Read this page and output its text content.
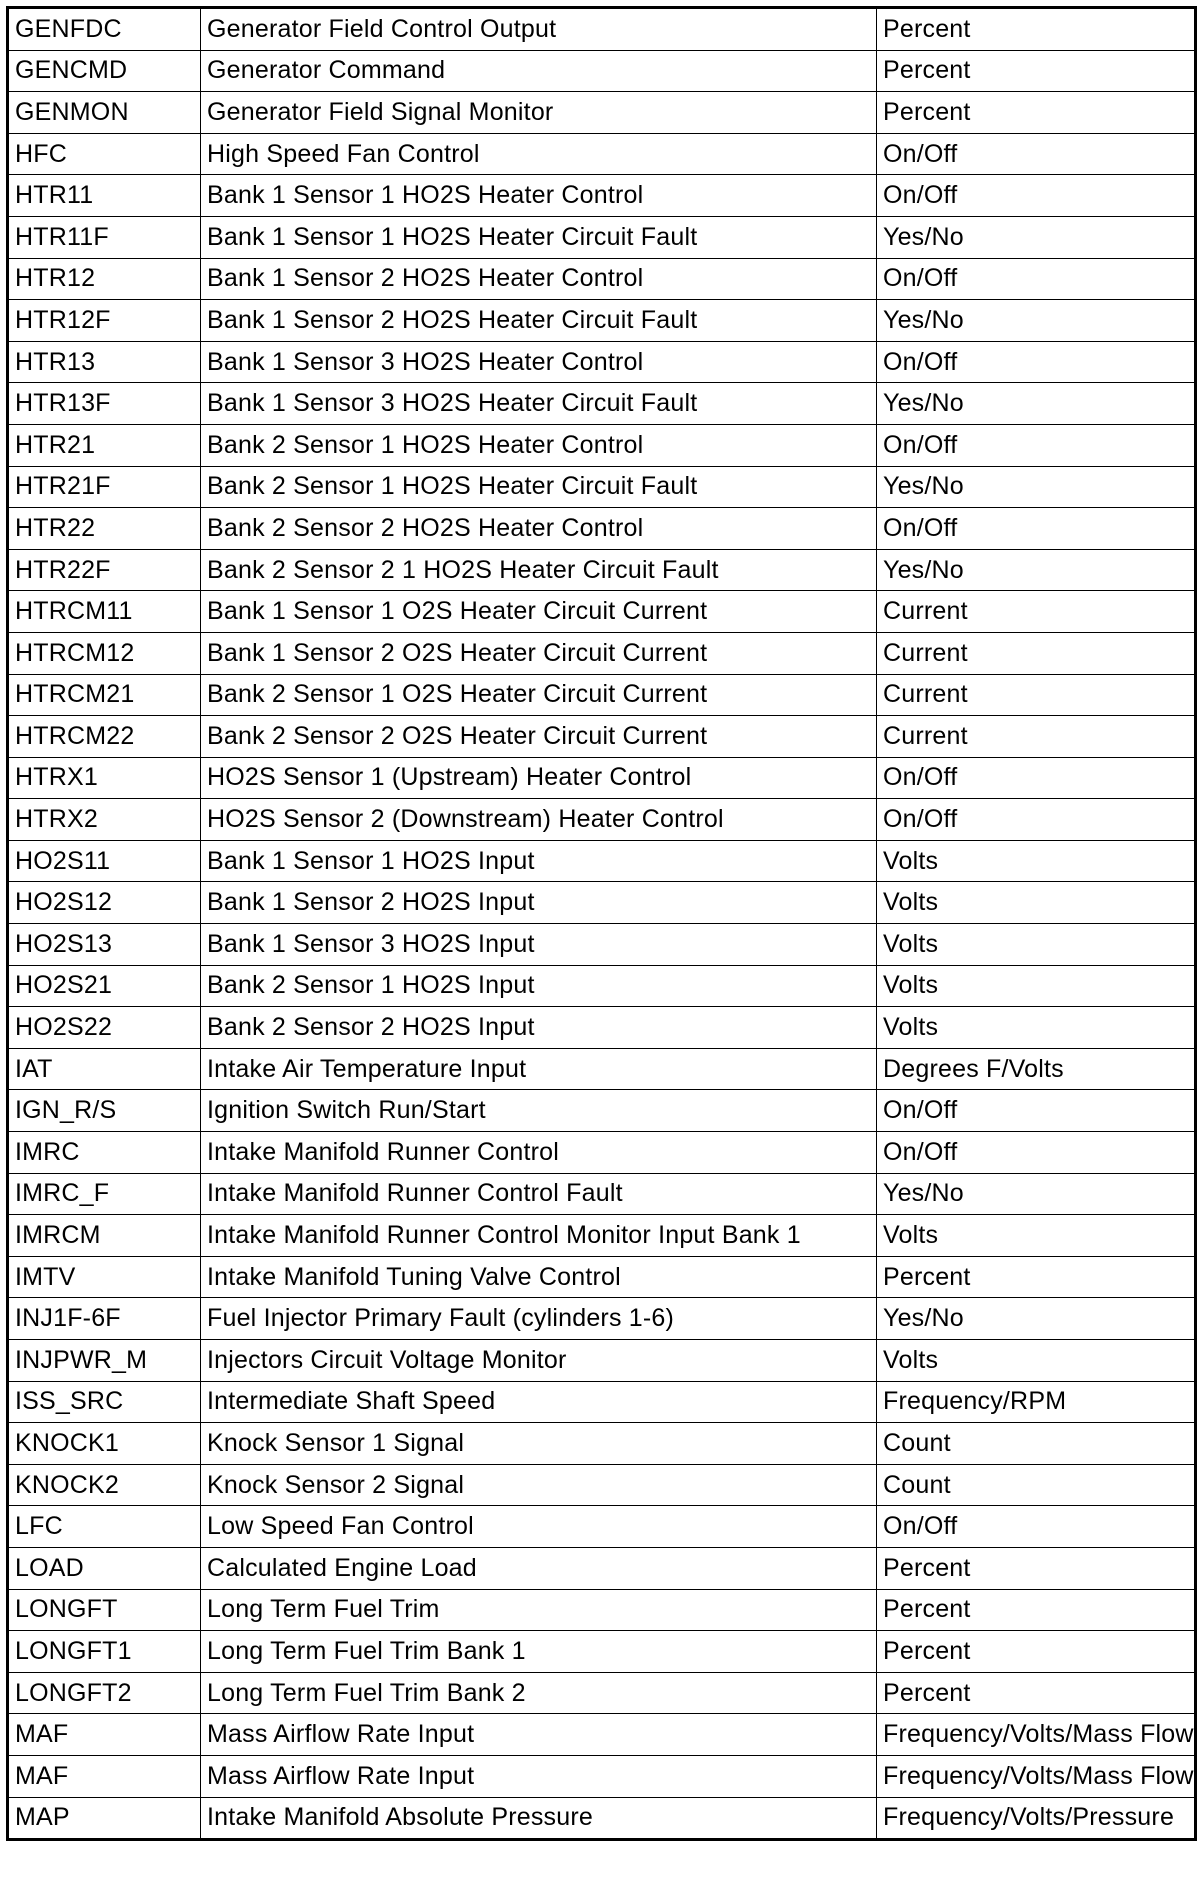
GENFDC	Generator Field Control Output	Percent
GENCMD	Generator Command	Percent
GENMON	Generator Field Signal Monitor	Percent
HFC	High Speed Fan Control	On/Off
HTR11	Bank 1 Sensor 1 HO2S Heater Control	On/Off
HTR11F	Bank 1 Sensor 1 HO2S Heater Circuit Fault	Yes/No
HTR12	Bank 1 Sensor 2 HO2S Heater Control	On/Off
HTR12F	Bank 1 Sensor 2 HO2S Heater Circuit Fault	Yes/No
HTR13	Bank 1 Sensor 3 HO2S Heater Control	On/Off
HTR13F	Bank 1 Sensor 3 HO2S Heater Circuit Fault	Yes/No
HTR21	Bank 2 Sensor 1 HO2S Heater Control	On/Off
HTR21F	Bank 2 Sensor 1 HO2S Heater Circuit Fault	Yes/No
HTR22	Bank 2 Sensor 2 HO2S Heater Control	On/Off
HTR22F	Bank 2 Sensor 2 1 HO2S Heater Circuit Fault	Yes/No
HTRCM11	Bank 1 Sensor 1 O2S Heater Circuit Current	Current
HTRCM12	Bank 1 Sensor 2 O2S Heater Circuit Current	Current
HTRCM21	Bank 2 Sensor 1 O2S Heater Circuit Current	Current
HTRCM22	Bank 2 Sensor 2 O2S Heater Circuit Current	Current
HTRX1	HO2S Sensor 1 (Upstream) Heater Control	On/Off
HTRX2	HO2S Sensor 2 (Downstream) Heater Control	On/Off
HO2S11	Bank 1 Sensor 1 HO2S Input	Volts
HO2S12	Bank 1 Sensor 2 HO2S Input	Volts
HO2S13	Bank 1 Sensor 3 HO2S Input	Volts
HO2S21	Bank 2 Sensor 1 HO2S Input	Volts
HO2S22	Bank 2 Sensor 2 HO2S Input	Volts
IAT	Intake Air Temperature Input	Degrees F/Volts
IGN_R/S	Ignition Switch Run/Start	On/Off
IMRC	Intake Manifold Runner Control	On/Off
IMRC_F	Intake Manifold Runner Control Fault	Yes/No
IMRCM	Intake Manifold Runner Control Monitor Input Bank 1	Volts
IMTV	Intake Manifold Tuning Valve Control	Percent
INJ1F-6F	Fuel Injector Primary Fault (cylinders 1-6)	Yes/No
INJPWR_M	Injectors Circuit Voltage Monitor	Volts
ISS_SRC	Intermediate Shaft Speed	Frequency/RPM
KNOCK1	Knock Sensor 1 Signal	Count
KNOCK2	Knock Sensor 2 Signal	Count
LFC	Low Speed Fan Control	On/Off
LOAD	Calculated Engine Load	Percent
LONGFT	Long Term Fuel Trim	Percent
LONGFT1	Long Term Fuel Trim Bank 1	Percent
LONGFT2	Long Term Fuel Trim Bank 2	Percent
MAF	Mass Airflow Rate Input	Frequency/Volts/Mass Flow
MAF	Mass Airflow Rate Input	Frequency/Volts/Mass Flow
MAP	Intake Manifold Absolute Pressure	Frequency/Volts/Pressure
